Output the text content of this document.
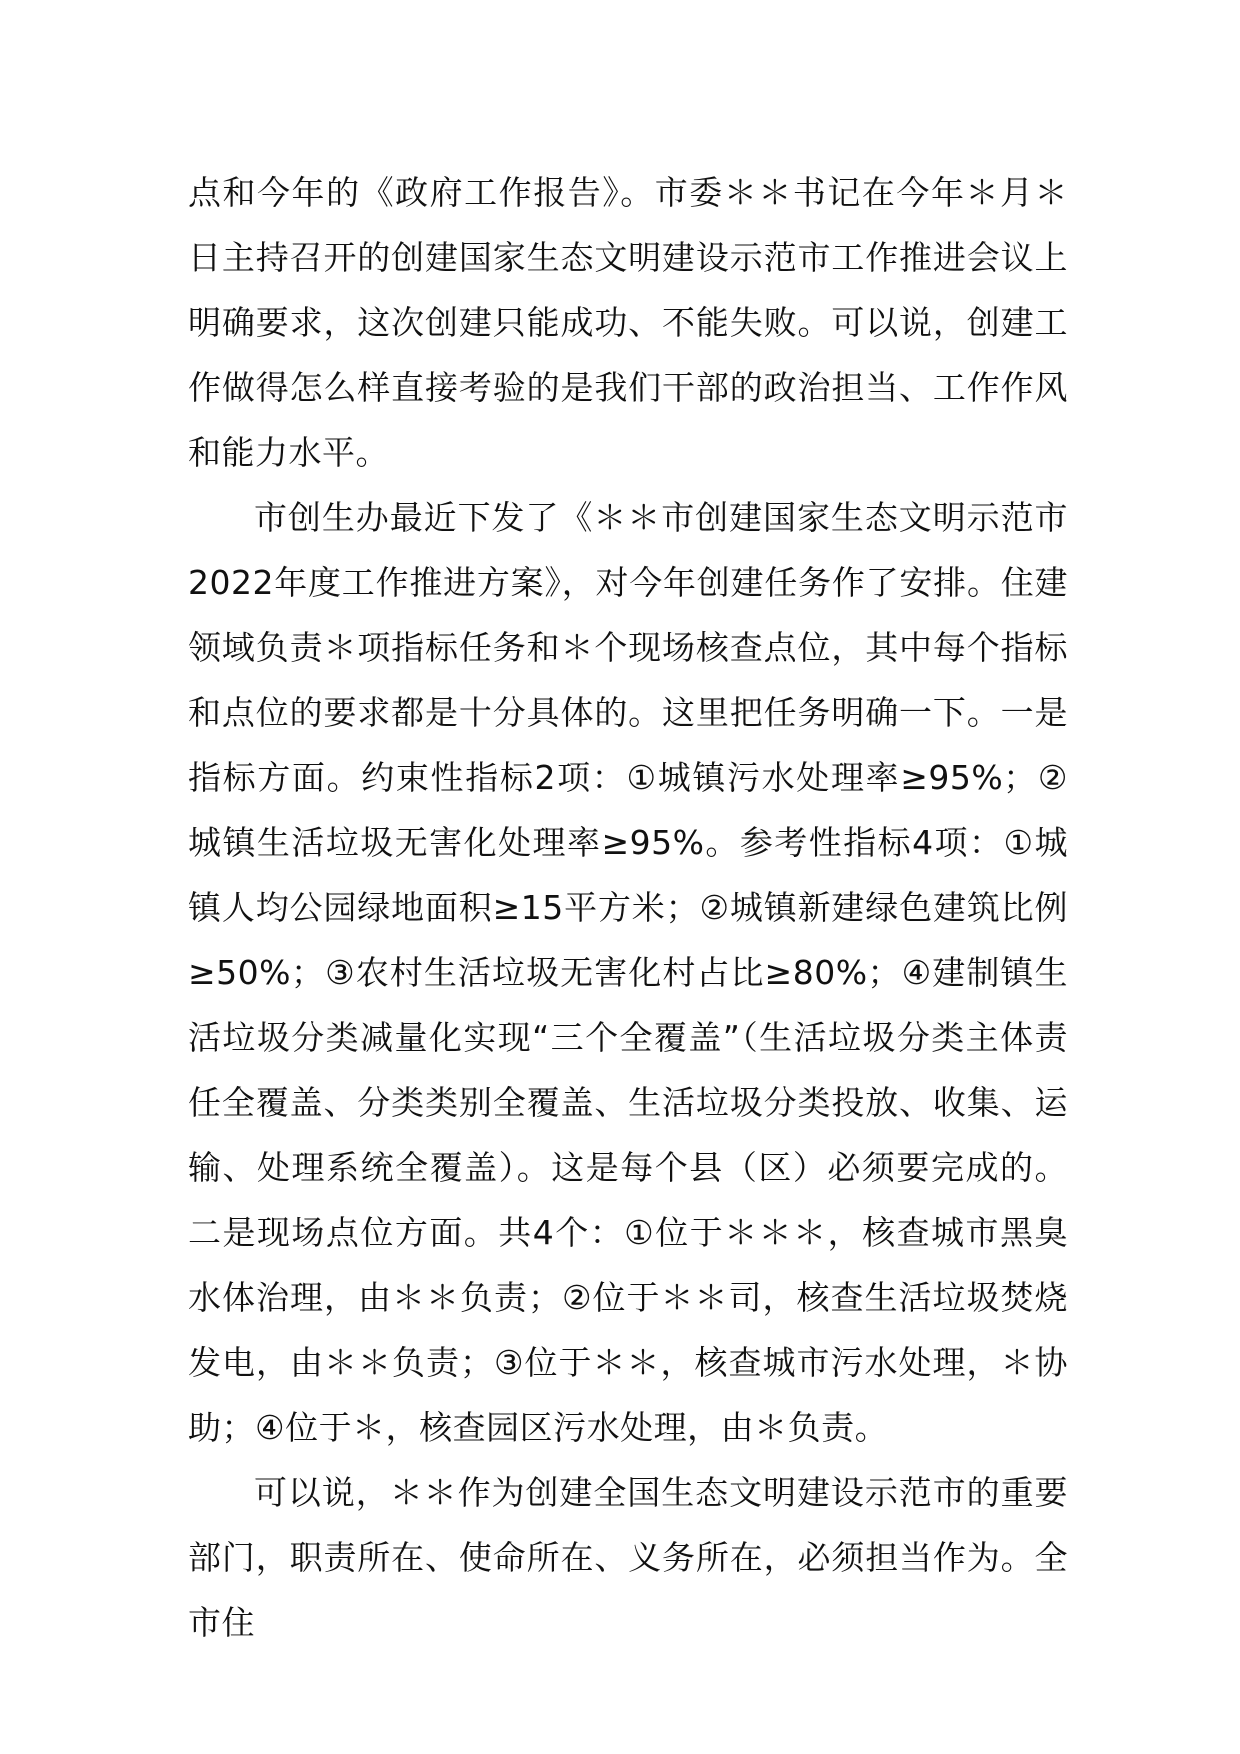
点和今年的《政府工作报告》。市委＊＊书记在今年＊月＊日主持召开的创建国家生态文明建设示范市工作推进会议上明确要求，这次创建只能成功、不能失败。可以说，创建工作做得怎么样直接考验的是我们干部的政治担当、工作作风和能力水平。

市创生办最近下发了《＊＊市创建国家生态文明示范市2022年度工作推进方案》，对今年创建任务作了安排。住建领域负责＊项指标任务和＊个现场核查点位，其中每个指标和点位的要求都是十分具体的。这里把任务明确一下。一是指标方面。约束性指标2项：①城镇污水处理率≥95%；②城镇生活垃圾无害化处理率≥95%。参考性指标4项：①城镇人均公园绿地面积≥15平方米；②城镇新建绿色建筑比例≥50%；③农村生活垃圾无害化村占比≥80%；④建制镇生活垃圾分类减量化实现“三个全覆盖”（生活垃圾分类主体责任全覆盖、分类类别全覆盖、生活垃圾分类投放、收集、运输、处理系统全覆盖）。这是每个县（区）必须要完成的。二是现场点位方面。共4个：①位于＊＊＊，核查城市黑臭水体治理，由＊＊负责；②位于＊＊司，核查生活垃圾焚烧发电，由＊＊负责；③位于＊＊，核查城市污水处理，＊协助；④位于＊，核查园区污水处理，由＊负责。

可以说，＊＊作为创建全国生态文明建设示范市的重要部门，职责所在、使命所在、义务所在，必须担当作为。全市住
